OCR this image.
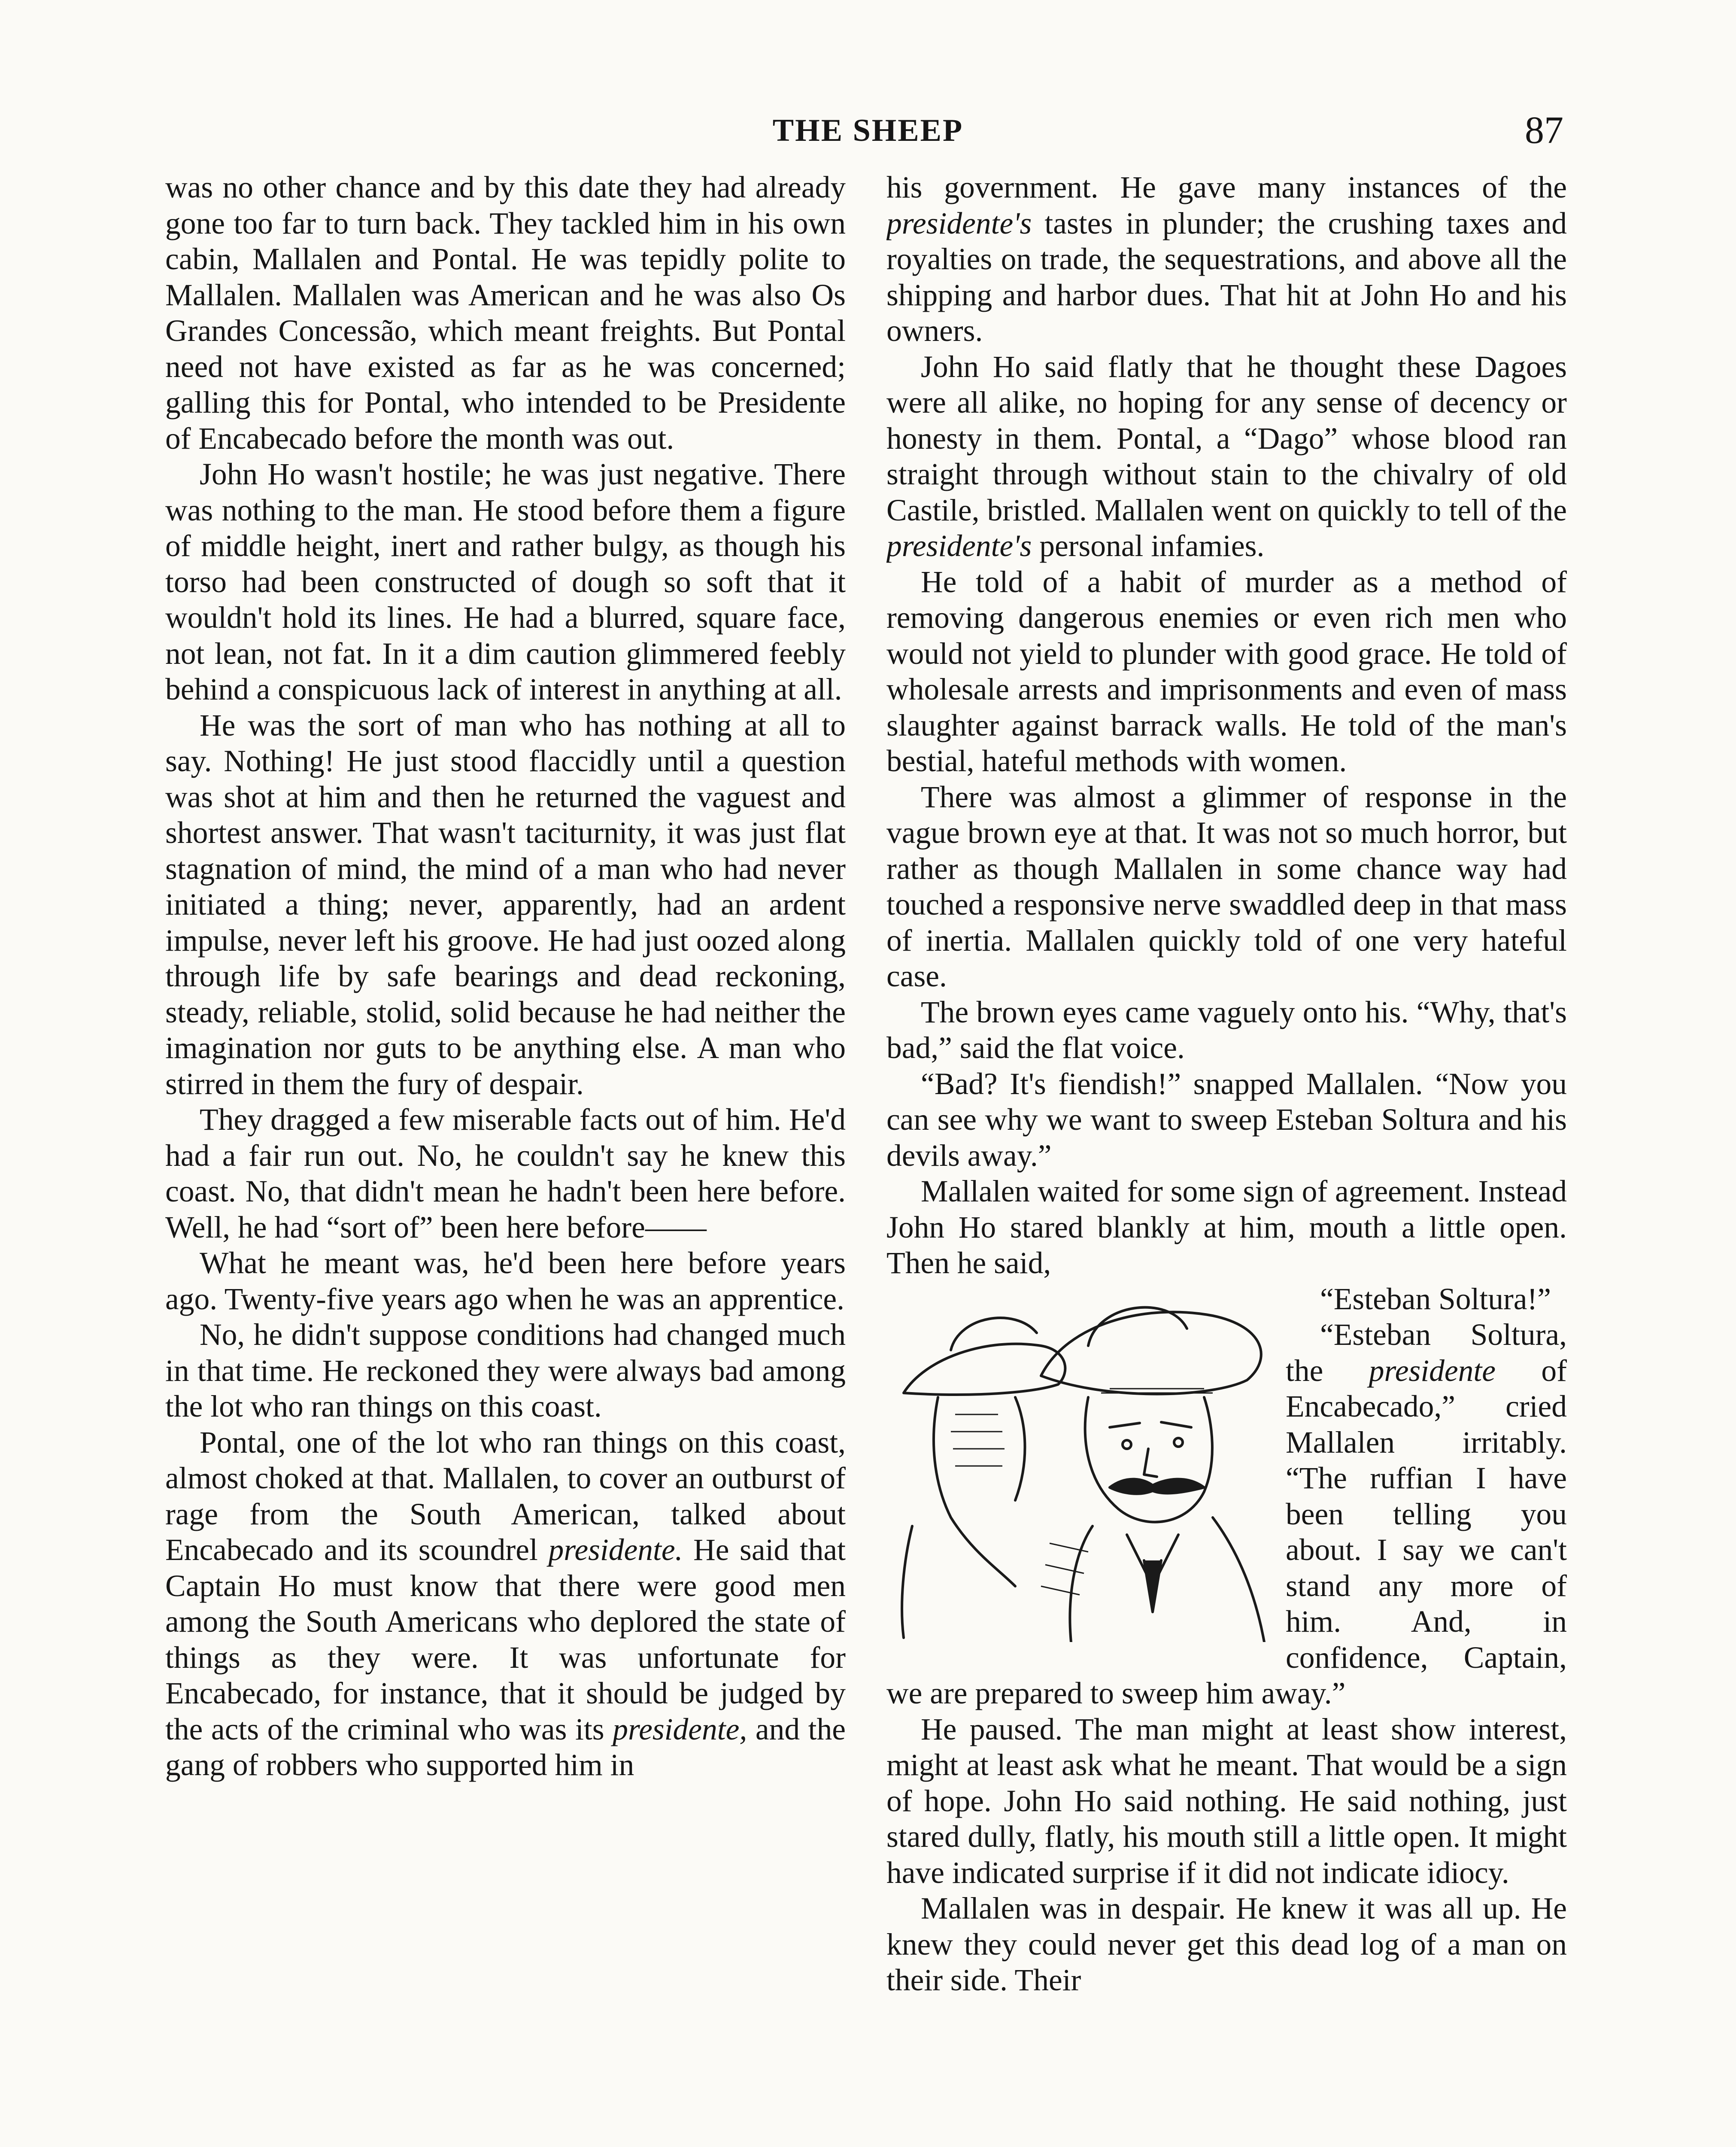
THE SHEEP	87

was no other chance and by this date they had already gone too far to turn back. They tackled him in his own cabin, Mallalen and Pontal. He was tepidly polite to Mallalen. Mallalen was American and he was also Os Grandes Concessão, which meant freights. But Pontal need not have existed as far as he was concerned; galling this for Pontal, who intended to be Presidente of Encabecado before the month was out.

John Ho wasn't hostile; he was just negative. There was nothing to the man. He stood before them a figure of middle height, inert and rather bulgy, as though his torso had been constructed of dough so soft that it wouldn't hold its lines. He had a blurred, square face, not lean, not fat. In it a dim caution glimmered feebly behind a conspicuous lack of interest in anything at all.

He was the sort of man who has nothing at all to say. Nothing! He just stood flaccidly until a question was shot at him and then he returned the vaguest and shortest answer. That wasn't taciturnity, it was just flat stagnation of mind, the mind of a man who had never initiated a thing; never, apparently, had an ardent impulse, never left his groove. He had just oozed along through life by safe bearings and dead reckoning, steady, reliable, stolid, solid because he had neither the imagination nor guts to be anything else. A man who stirred in them the fury of despair.

They dragged a few miserable facts out of him. He'd had a fair run out. No, he couldn't say he knew this coast. No, that didn't mean he hadn't been here before. Well, he had “sort of” been here before——

What he meant was, he'd been here before years ago. Twenty-five years ago when he was an apprentice.

No, he didn't suppose conditions had changed much in that time. He reckoned they were always bad among the lot who ran things on this coast.

Pontal, one of the lot who ran things on this coast, almost choked at that. Mallalen, to cover an outburst of rage from the South American, talked about Encabecado and its scoundrel presidente. He said that Captain Ho must know that there were good men among the South Americans who deplored the state of things as they were. It was unfortunate for Encabecado, for instance, that it should be judged by the acts of the criminal who was its presidente, and the gang of robbers who supported him in

his government. He gave many instances of the presidente's tastes in plunder; the crushing taxes and royalties on trade, the sequestrations, and above all the shipping and harbor dues. That hit at John Ho and his owners.

John Ho said flatly that he thought these Dagoes were all alike, no hoping for any sense of decency or honesty in them. Pontal, a “Dago” whose blood ran straight through without stain to the chivalry of old Castile, bristled. Mallalen went on quickly to tell of the presidente's personal infamies.

He told of a habit of murder as a method of removing dangerous enemies or even rich men who would not yield to plunder with good grace. He told of wholesale arrests and imprisonments and even of mass slaughter against barrack walls. He told of the man's bestial, hateful methods with women.

There was almost a glimmer of response in the vague brown eye at that. It was not so much horror, but rather as though Mallalen in some chance way had touched a responsive nerve swaddled deep in that mass of inertia. Mallalen quickly told of one very hateful case.

The brown eyes came vaguely onto his. “Why, that's bad,” said the flat voice.

“Bad? It's fiendish!” snapped Mallalen. “Now you can see why we want to sweep Esteban Soltura and his devils away.”

Mallalen waited for some sign of agreement. Instead John Ho stared blankly at him, mouth a little open. Then he said,

“Esteban Soltura!”

“Esteban Soltura, the presidente of Encabecado,” cried Mallalen irritably. “The ruffian I have been telling you about. I say we can't stand any more of him. And, in confidence, Captain, we are prepared to sweep him away.”

He paused. The man might at least show interest, might at least ask what he meant. That would be a sign of hope. John Ho said nothing. He said nothing, just stared dully, flatly, his mouth still a little open. It might have indicated surprise if it did not indicate idiocy.

Mallalen was in despair. He knew it was all up. He knew they could never get this dead log of a man on their side. Their
